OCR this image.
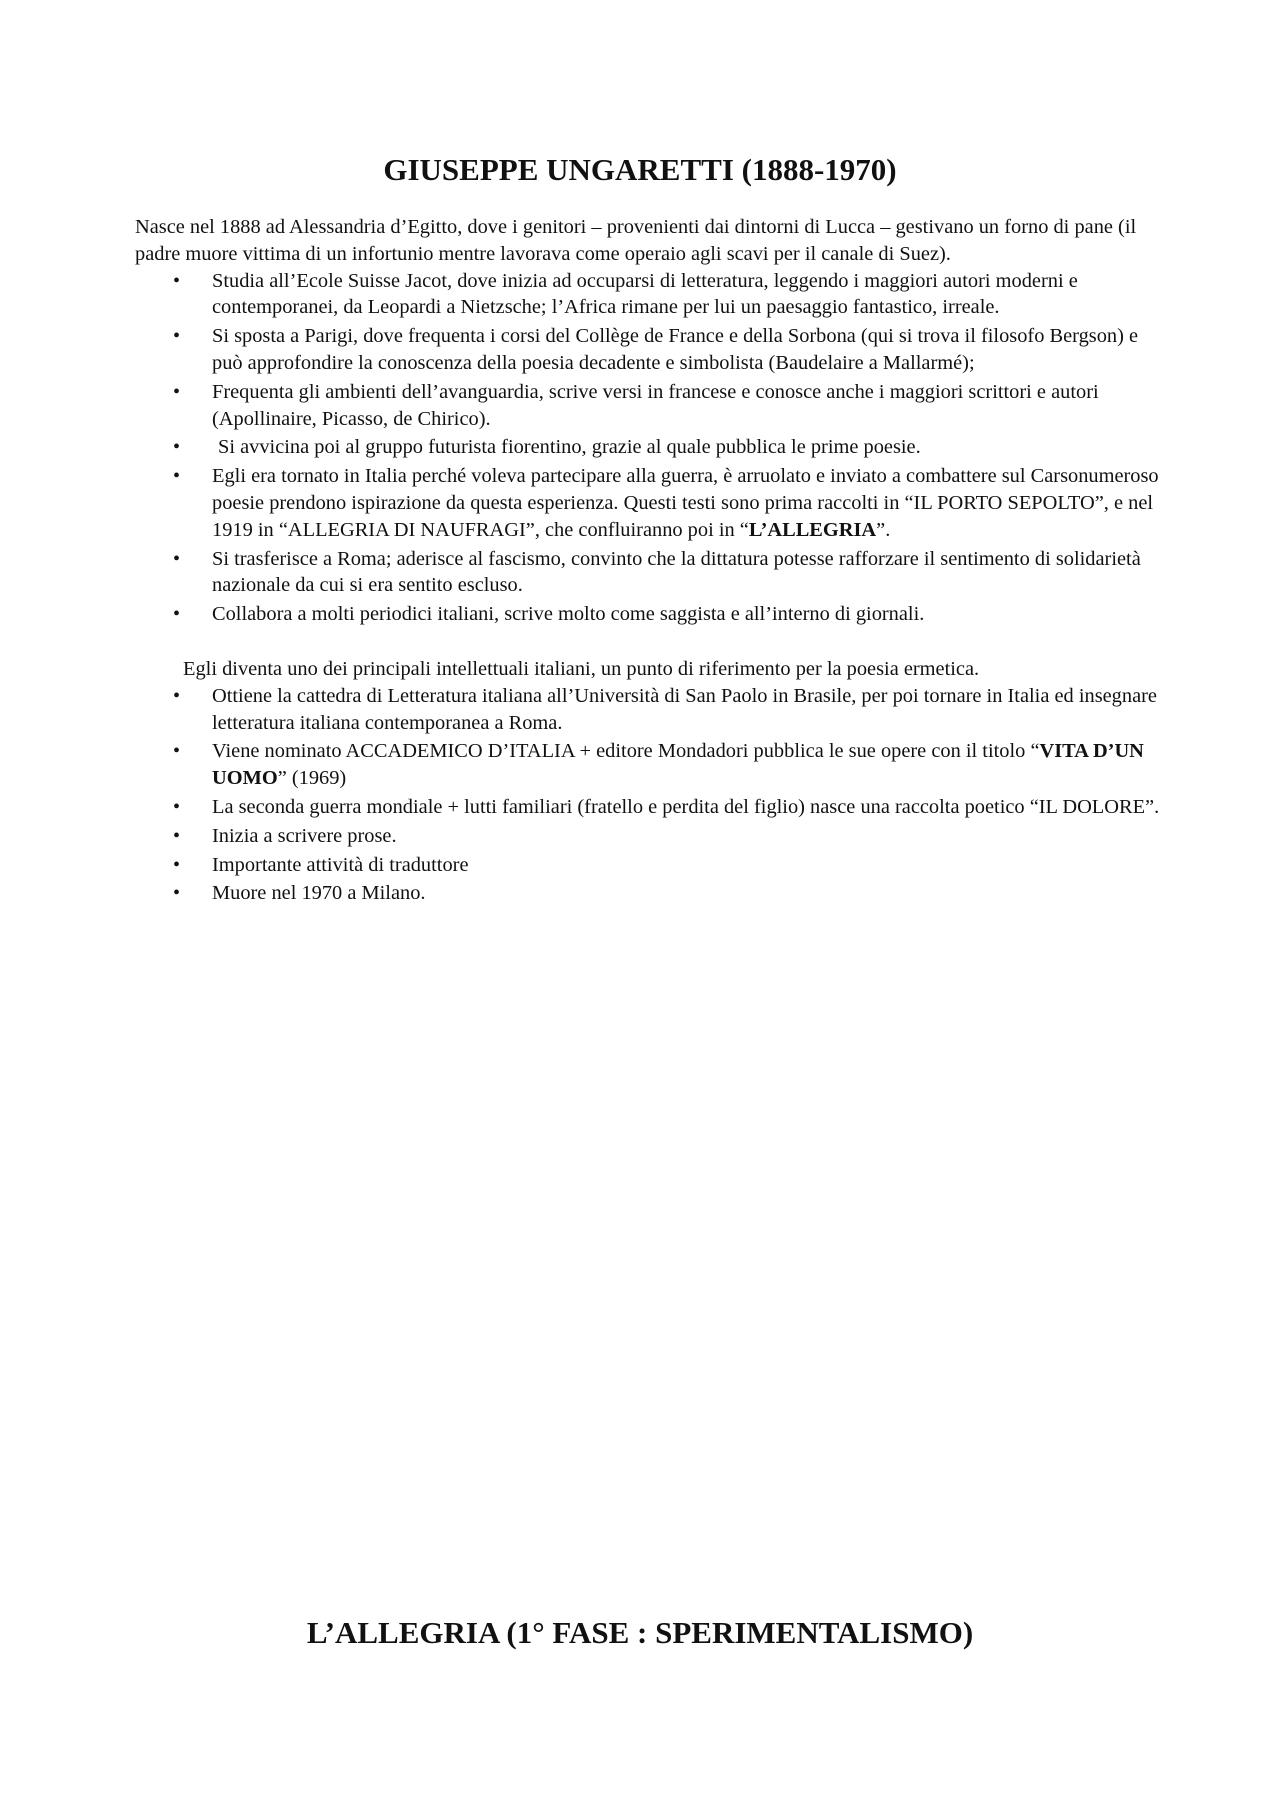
GIUSEPPE UNGARETTI (1888-1970)

Nasce nel 1888 ad Alessandria d’Egitto, dove i genitori – provenienti dai dintorni di Lucca – gestivano un forno di pane (il padre muore vittima di un infortunio mentre lavorava come operaio agli scavi per il canale di Suez).

• Studia all’Ecole Suisse Jacot, dove inizia ad occuparsi di letteratura, leggendo i maggiori autori moderni e contemporanei, da Leopardi a Nietzsche; l’Africa rimane per lui un paesaggio fantastico, irreale.
• Si sposta a Parigi, dove frequenta i corsi del Collège de France e della Sorbona (qui si trova il filosofo Bergson) e può approfondire la conoscenza della poesia decadente e simbolista (Baudelaire a Mallarmé);
• Frequenta gli ambienti dell’avanguardia, scrive versi in francese e conosce anche i maggiori scrittori e autori (Apollinaire, Picasso, de Chirico).
• Si avvicina poi al gruppo futurista fiorentino, grazie al quale pubblica le prime poesie.
• Egli era tornato in Italia perché voleva partecipare alla guerra, è arruolato e inviato a combattere sul Carsonumeroso poesie prendono ispirazione da questa esperienza. Questi testi sono prima raccolti in “IL PORTO SEPOLTO”, e nel 1919 in “ALLEGRIA DI NAUFRAGI”, che confluiranno poi in “L’ALLEGRIA”.
• Si trasferisce a Roma; aderisce al fascismo, convinto che la dittatura potesse rafforzare il sentimento di solidarietà nazionale da cui si era sentito escluso.
• Collabora a molti periodici italiani, scrive molto come saggista e all’interno di giornali.

Egli diventa uno dei principali intellettuali italiani, un punto di riferimento per la poesia ermetica.

• Ottiene la cattedra di Letteratura italiana all’Università di San Paolo in Brasile, per poi tornare in Italia ed insegnare letteratura italiana contemporanea a Roma.
• Viene nominato ACCADEMICO D’ITALIA + editore Mondadori pubblica le sue opere con il titolo “VITA D’UN UOMO” (1969)
• La seconda guerra mondiale + lutti familiari (fratello e perdita del figlio) nasce una raccolta poetico “IL DOLORE”.
• Inizia a scrivere prose.
• Importante attività di traduttore
• Muore nel 1970 a Milano.
L’ALLEGRIA (1° FASE : SPERIMENTALISMO)
